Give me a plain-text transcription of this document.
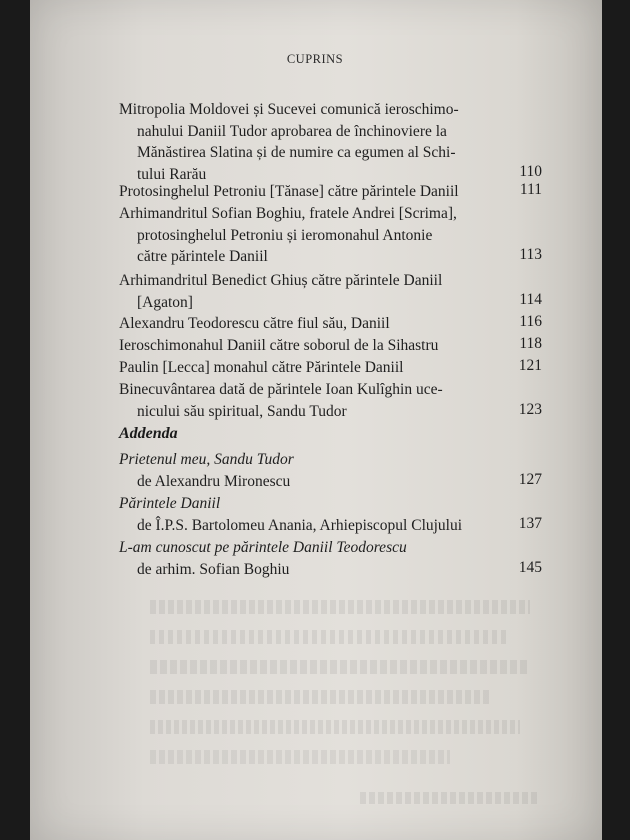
CUPRINS
Mitropolia Moldovei și Sucevei comunică ieroschimo-
nahului Daniil Tudor aprobarea de închinoviere la
Mănăstirea Slatina și de numire ca egumen al Schi-
tului Rarău	110
Protosinghelul Petroniu [Tănase] către părintele Daniil	111
Arhimandritul Sofian Boghiu, fratele Andrei [Scrima],
protosinghelul Petroniu și ieromonahul Antonie
către părintele Daniil	113
Arhimandritul Benedict Ghiuș către părintele Daniil
[Agaton]	114
Alexandru Teodorescu către fiul său, Daniil	116
Ieroschimonahul Daniil către soborul de la Sihastru	118
Paulin [Lecca] monahul către Părintele Daniil	121
Binecuvântarea dată de părintele Ioan Kulîghin uce-
nicului său spiritual, Sandu Tudor	123
Addenda
Prietenul meu, Sandu Tudor
de Alexandru Mironescu	127
Părintele Daniil
de Î.P.S. Bartolomeu Anania, Arhiepiscopul Clujului	137
L-am cunoscut pe părintele Daniil Teodorescu
de arhim. Sofian Boghiu	145
